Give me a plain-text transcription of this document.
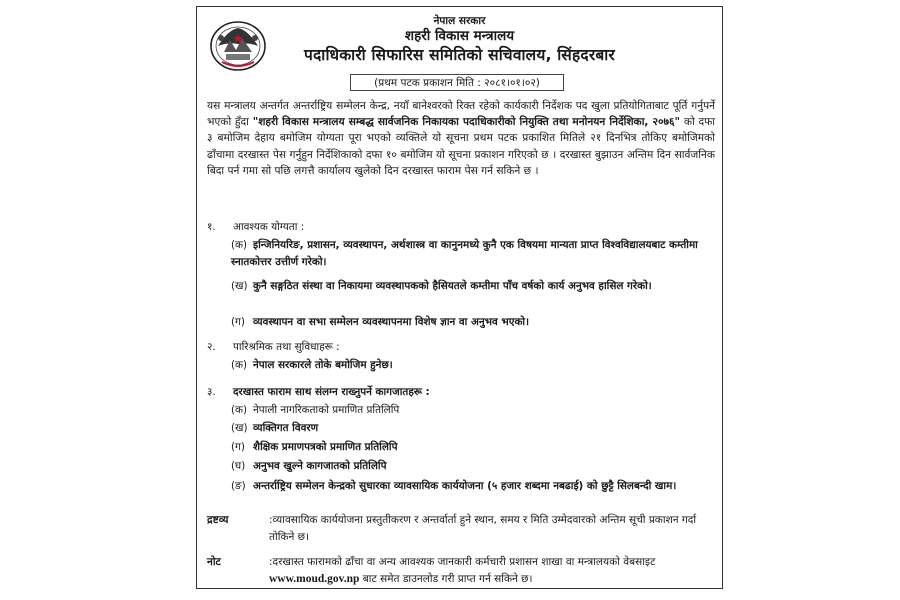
नेपाल सरकार
शहरी विकास मन्त्रालय
पदाधिकारी सिफारिस समितिको सचिवालय, सिंहदरबार
(प्रथम पटक प्रकाशन मिति : २०८१।०१।०२)
यस मन्त्रालय अन्तर्गत अन्तर्राष्ट्रिय सम्मेलन केन्द्र, नयाँ बानेश्वरको रिक्त रहेको कार्यकारी निर्देशक पद खुला प्रतियोगिताबाट पूर्ति गर्नुपर्ने भएको हुँदा "शहरी विकास मन्त्रालय सम्बद्ध सार्वजनिक निकायका पदाधिकारीको नियुक्ति तथा मनोनयन निर्देशिका, २०७६" को दफा ३ बमोजिम देहाय बमोजिम योग्यता पूरा भएको व्यक्तिले यो सूचना प्रथम पटक प्रकाशित मितिले २१ दिनभित्र तोकिए बमोजिमको ढाँचामा दरखास्त पेस गर्नुहुन निर्देशिकाको दफा १० बमोजिम यो सूचना प्रकाशन गरिएको छ । दरखास्त बुझाउन अन्तिम दिन सार्वजनिक बिदा पर्न गमा सो पछि लगत्तै कार्यालय खुलेको दिन दरखास्त फाराम पेस गर्न सकिने छ ।
१. आवश्यक योग्यता :
(क) इन्जिनियरिङ, प्रशासन, व्यवस्थापन, अर्थशास्त्र वा कानुनमध्ये कुनै एक विषयमा मान्यता प्राप्त विश्वविद्यालयबाट कम्तीमा स्नातकोत्तर उत्तीर्ण गरेको।
(ख) कुनै सङ्गठित संस्था वा निकायमा व्यवस्थापकको हैसियतले कम्तीमा पाँच वर्षको कार्य अनुभव हासिल गरेको।
(ग) व्यवस्थापन वा सभा सम्मेलन व्यवस्थापनमा विशेष ज्ञान वा अनुभव भएको।
२. पारिश्रमिक तथा सुविधाहरू :
(क) नेपाल सरकारले तोके बमोजिम हुनेछ।
३. दरखास्त फाराम साथ संलग्न राख्नुपर्ने कागजातहरू :
(क) नेपाली नागरिकताको प्रमाणित प्रतिलिपि
(ख) व्यक्तिगत विवरण
(ग) शैक्षिक प्रमाणपत्रको प्रमाणित प्रतिलिपि
(घ) अनुभव खुल्ने कागजातको प्रतिलिपि
(ङ) अन्तर्राष्ट्रिय सम्मेलन केन्द्रको सुधारका व्यावसायिक कार्ययोजना (५ हजार शब्दमा नबढाई) को छुट्टै सिलबन्दी खाम।
द्रष्टव्य	:व्यावसायिक कार्ययोजना प्रस्तुतीकरण र अन्तर्वार्ता हुने स्थान, समय र मिति उम्मेदवारको अन्तिम सूची प्रकाशन गर्दा तोकिने छ।
नोट	:दरखास्त फारामको ढाँचा वा अन्य आवश्यक जानकारी कर्मचारी प्रशासन शाखा वा मन्त्रालयको वेबसाइट www.moud.gov.np बाट समेत डाउनलोड गरी प्राप्त गर्न सकिने छ।
